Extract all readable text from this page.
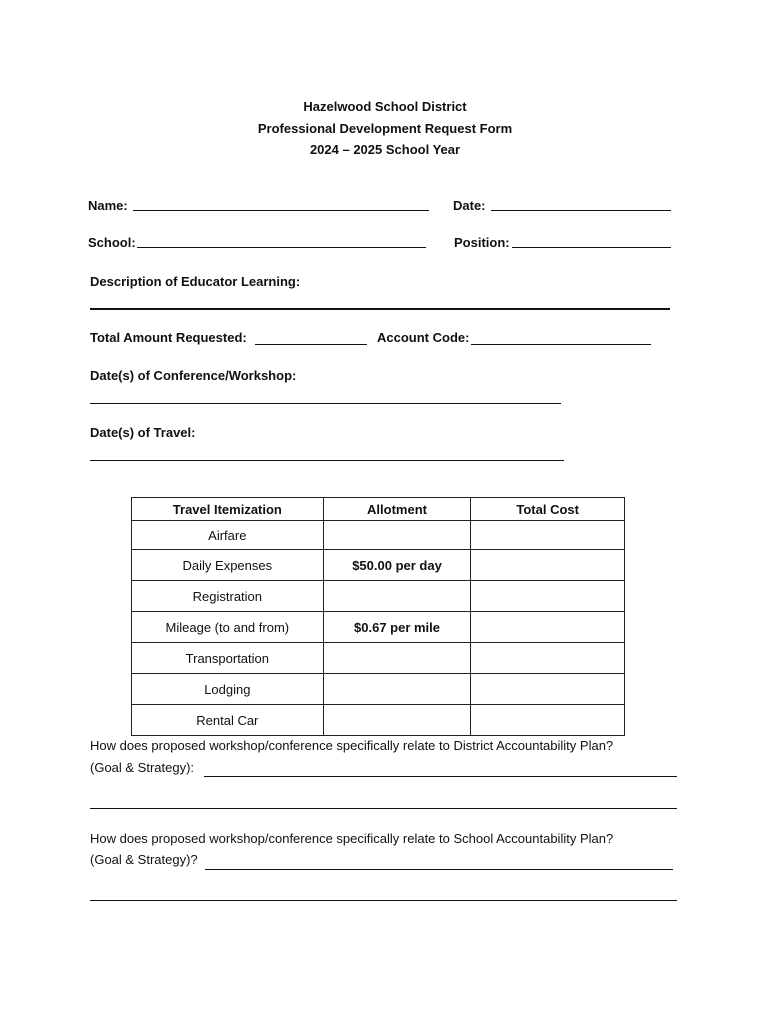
Hazelwood School District
Professional Development Request Form
2024 – 2025 School Year
Name:	Date:
School:	Position:
Description of Educator Learning:
Total Amount Requested:	Account Code:
Date(s) of Conference/Workshop:
Date(s) of Travel:
Travel Itemization	Allotment	Total Cost
Airfare		
Daily Expenses	$50.00 per day	
Registration		
Mileage (to and from)	$0.67 per mile	
Transportation		
Lodging		
Rental Car		
How does proposed workshop/conference specifically relate to District Accountability Plan?
(Goal & Strategy):
How does proposed workshop/conference specifically relate to School Accountability Plan?
(Goal & Strategy)?
